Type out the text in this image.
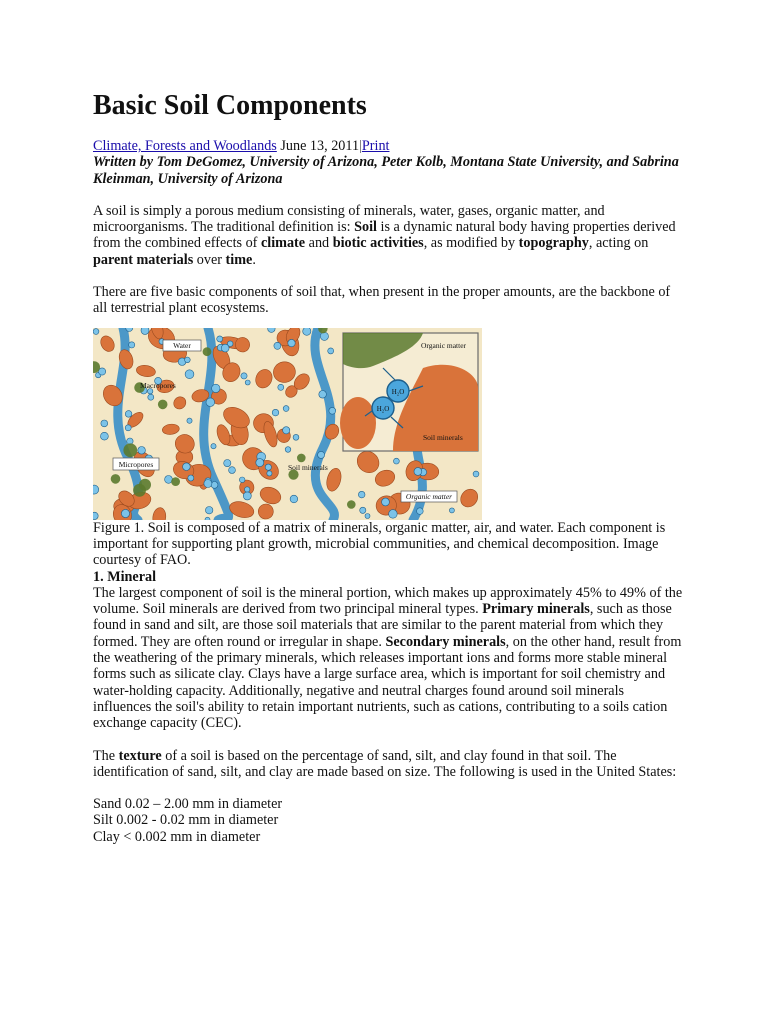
Basic Soil Components

Climate, Forests and Woodlands June 13, 2011|Print

Written by Tom DeGomez, University of Arizona, Peter Kolb, Montana State University, and Sabrina Kleinman, University of Arizona

A soil is simply a porous medium consisting of minerals, water, gases, organic matter, and microorganisms. The traditional definition is: Soil is a dynamic natural body having properties derived from the combined effects of climate and biotic activities, as modified by topography, acting on parent materials over time.

There are five basic components of soil that, when present in the proper amounts, are the backbone of all terrestrial plant ecosystems.

Water
Macropores
Micropores	Soil minerals
Organic matter
H₂O
H₂O
Soil minerals
Organic matter

Figure 1. Soil is composed of a matrix of minerals, organic matter, air, and water. Each component is important for supporting plant growth, microbial communities, and chemical decomposition. Image courtesy of FAO.

1. Mineral

The largest component of soil is the mineral portion, which makes up approximately 45% to 49% of the volume. Soil minerals are derived from two principal mineral types. Primary minerals, such as those found in sand and silt, are those soil materials that are similar to the parent material from which they formed. They are often round or irregular in shape. Secondary minerals, on the other hand, result from the weathering of the primary minerals, which releases important ions and forms more stable mineral forms such as silicate clay. Clays have a large surface area, which is important for soil chemistry and water-holding capacity. Additionally, negative and neutral charges found around soil minerals influences the soil's ability to retain important nutrients, such as cations, contributing to a soils cation exchange capacity (CEC).

The texture of a soil is based on the percentage of sand, silt, and clay found in that soil. The identification of sand, silt, and clay are made based on size. The following is used in the United States:

Sand 0.02 – 2.00 mm in diameter

Silt 0.002 - 0.02 mm in diameter

Clay < 0.002 mm in diameter
